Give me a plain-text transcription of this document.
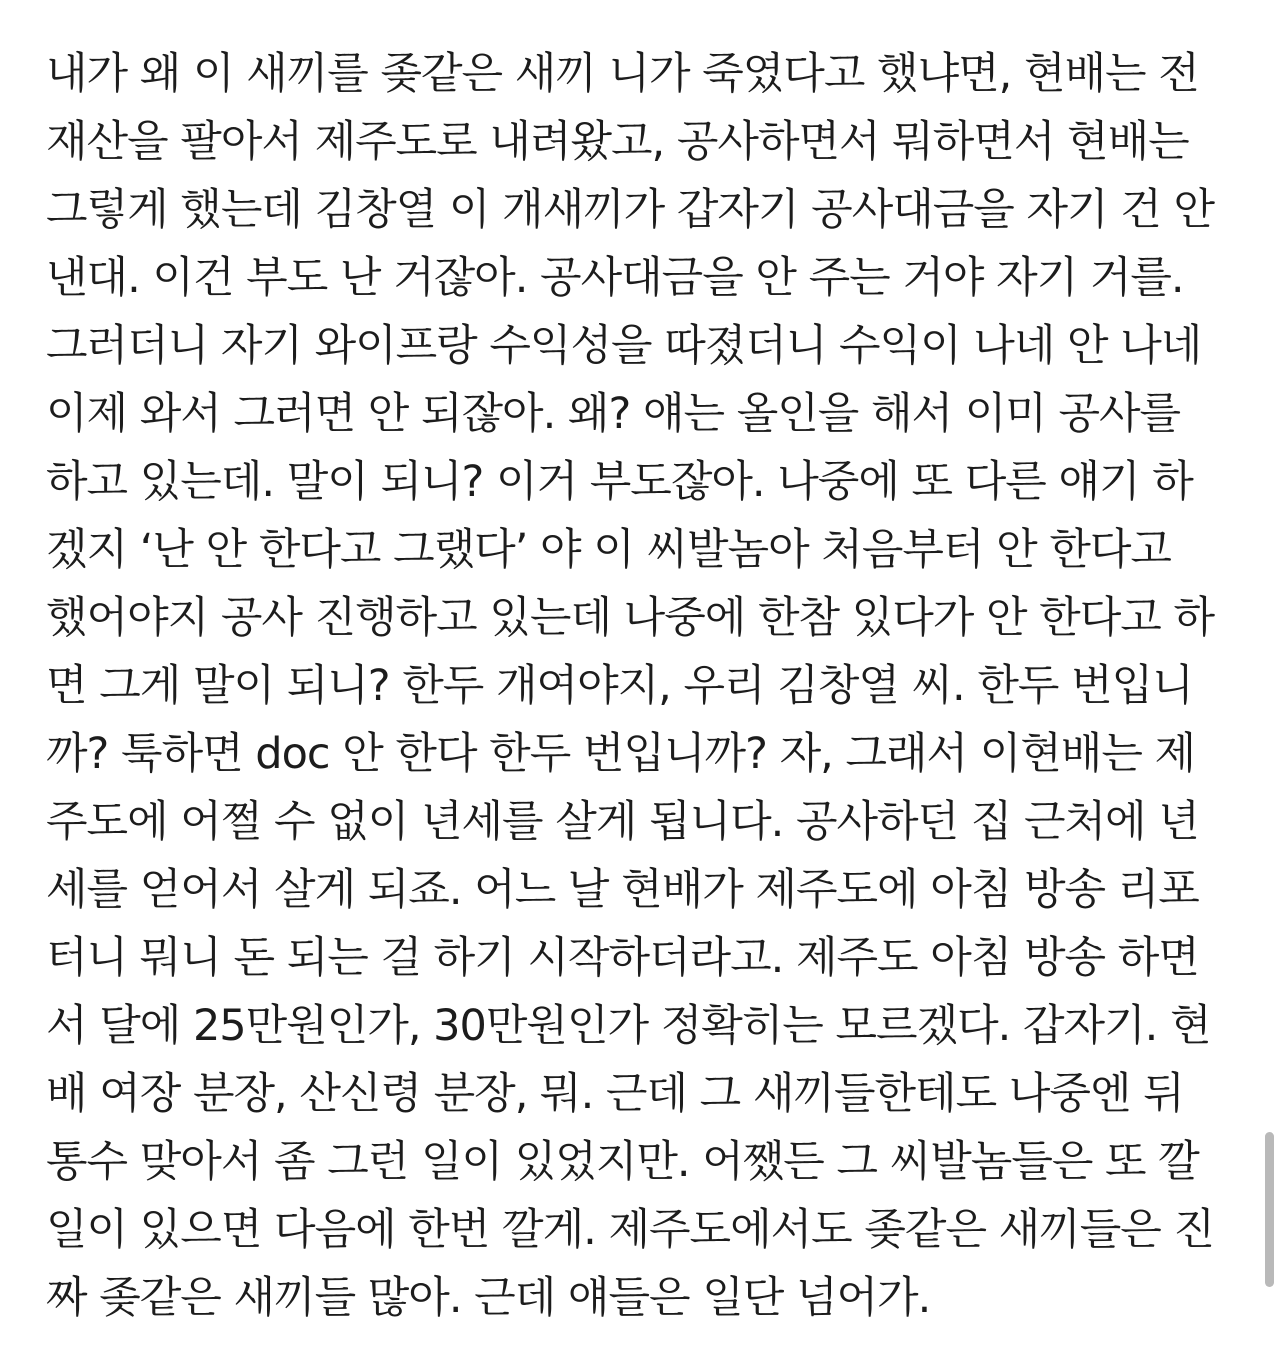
내가 왜 이 새끼를 좆같은 새끼 니가 죽였다고 했냐면, 현배는 전
재산을 팔아서 제주도로 내려왔고, 공사하면서 뭐하면서 현배는
그렇게 했는데 김창열 이 개새끼가 갑자기 공사대금을 자기 건 안
낸대. 이건 부도 난 거잖아. 공사대금을 안 주는 거야 자기 거를.
그러더니 자기 와이프랑 수익성을 따졌더니 수익이 나네 안 나네
이제 와서 그러면 안 되잖아. 왜? 얘는 올인을 해서 이미 공사를
하고 있는데. 말이 되니? 이거 부도잖아. 나중에 또 다른 얘기 하
겠지 ‘난 안 한다고 그랬다’ 야 이 씨발놈아 처음부터 안 한다고
했어야지 공사 진행하고 있는데 나중에 한참 있다가 안 한다고 하
면 그게 말이 되니? 한두 개여야지, 우리 김창열 씨. 한두 번입니
까? 툭하면 doc 안 한다 한두 번입니까? 자, 그래서 이현배는 제
주도에 어쩔 수 없이 년세를 살게 됩니다. 공사하던 집 근처에 년
세를 얻어서 살게 되죠. 어느 날 현배가 제주도에 아침 방송 리포
터니 뭐니 돈 되는 걸 하기 시작하더라고. 제주도 아침 방송 하면
서 달에 25만원인가, 30만원인가 정확히는 모르겠다. 갑자기. 현
배 여장 분장, 산신령 분장, 뭐. 근데 그 새끼들한테도 나중엔 뒤
통수 맞아서 좀 그런 일이 있었지만. 어쨌든 그 씨발놈들은 또 깔
일이 있으면 다음에 한번 깔게. 제주도에서도 좆같은 새끼들은 진
짜 좆같은 새끼들 많아. 근데 얘들은 일단 넘어가.
